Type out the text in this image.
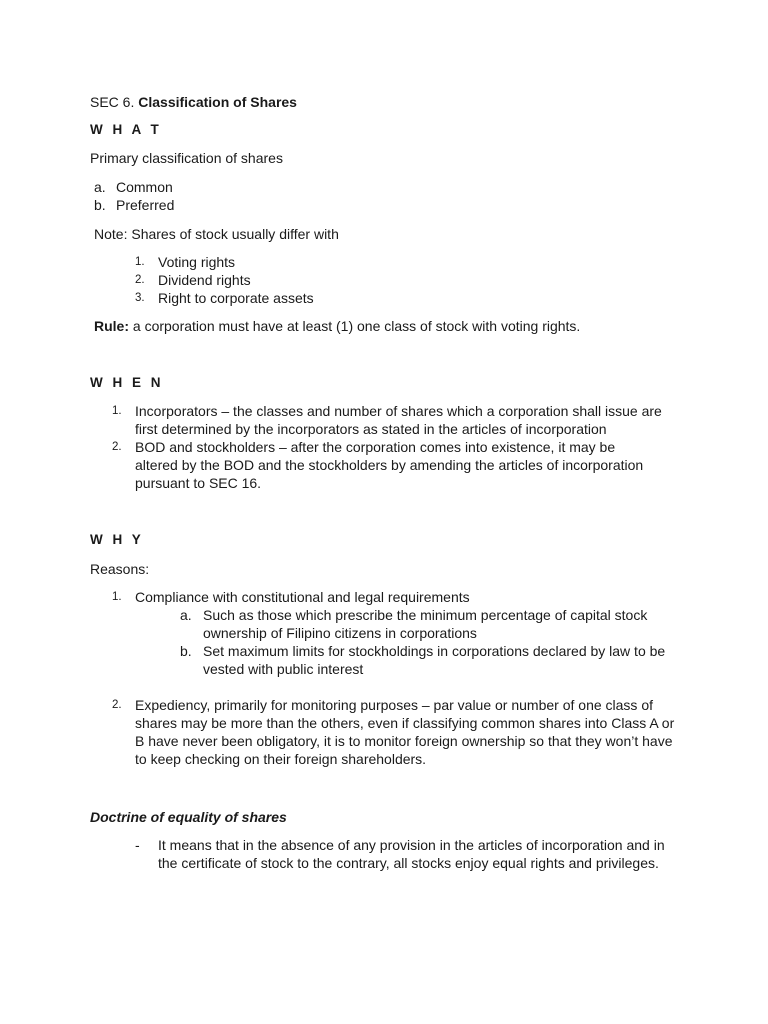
SEC 6. Classification of Shares
W H A T
Primary classification of shares
a. Common
b. Preferred
Note: Shares of stock usually differ with
1. Voting rights
2. Dividend rights
3. Right to corporate assets
Rule: a corporation must have at least (1) one class of stock with voting rights.
W H E N
1. Incorporators – the classes and number of shares which a corporation shall issue are first determined by the incorporators as stated in the articles of incorporation
2. BOD and stockholders – after the corporation comes into existence, it may be altered by the BOD and the stockholders by amending the articles of incorporation pursuant to SEC 16.
W H Y
Reasons:
1. Compliance with constitutional and legal requirements
a. Such as those which prescribe the minimum percentage of capital stock ownership of Filipino citizens in corporations
b. Set maximum limits for stockholdings in corporations declared by law to be vested with public interest
2. Expediency, primarily for monitoring purposes – par value or number of one class of shares may be more than the others, even if classifying common shares into Class A or B have never been obligatory, it is to monitor foreign ownership so that they won’t have to keep checking on their foreign shareholders.
Doctrine of equality of shares
-	It means that in the absence of any provision in the articles of incorporation and in the certificate of stock to the contrary, all stocks enjoy equal rights and privileges.
